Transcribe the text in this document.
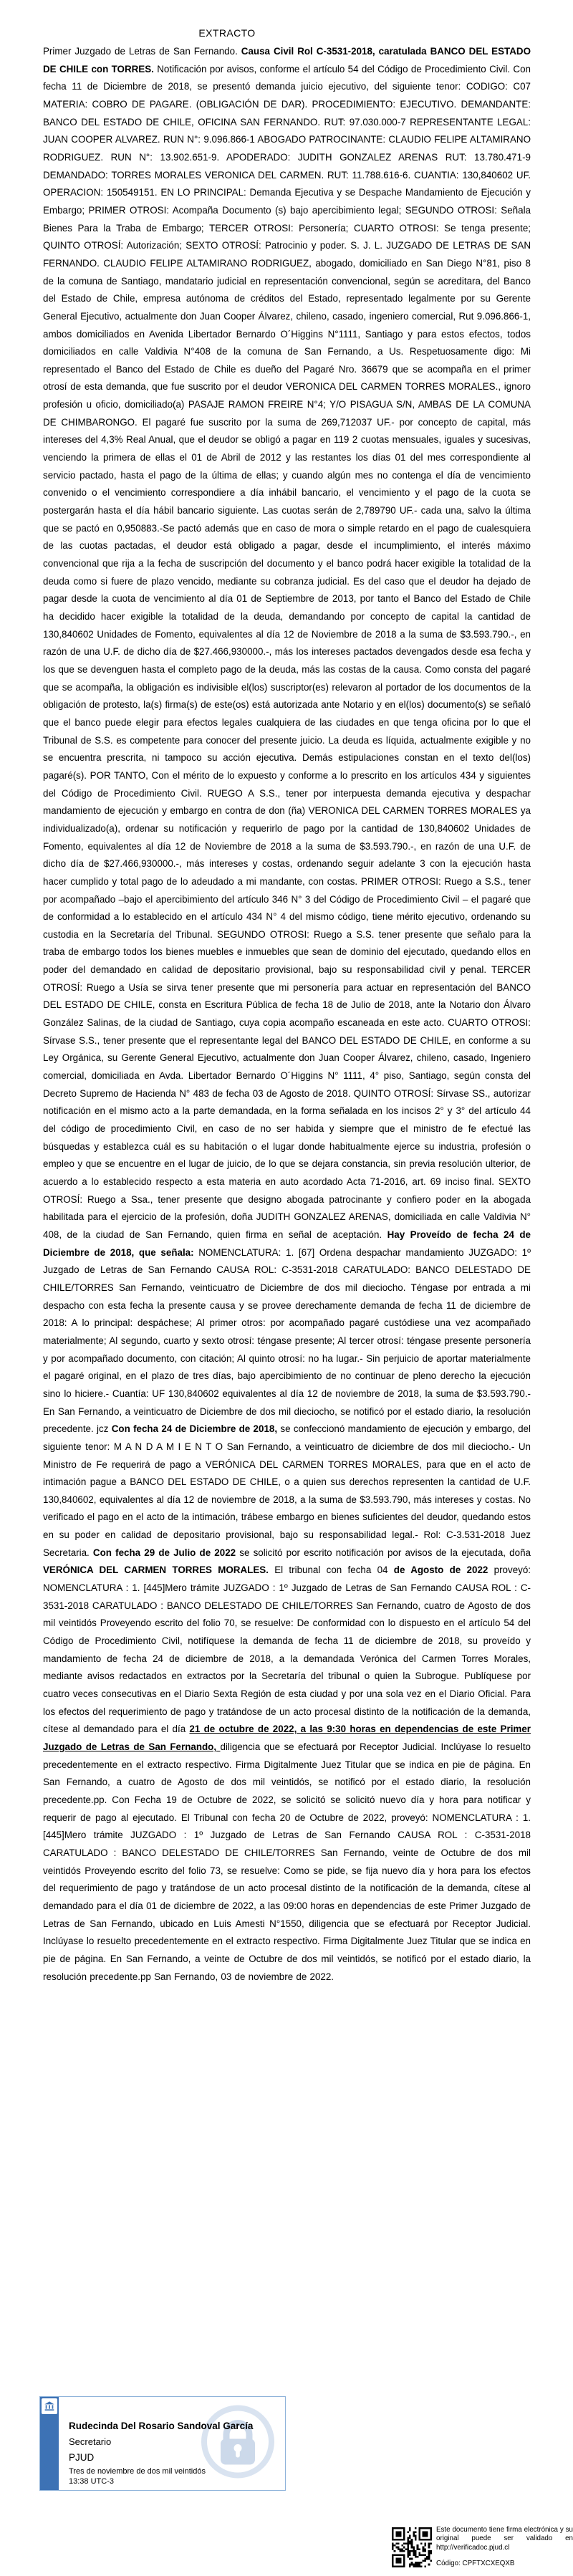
EXTRACTO
Primer Juzgado de Letras de San Fernando. Causa Civil Rol C-3531-2018, caratulada BANCO DEL ESTADO DE CHILE con TORRES. Notificación por avisos, conforme el artículo 54 del Código de Procedimiento Civil. Con fecha 11 de Diciembre de 2018, se presentó demanda juicio ejecutivo, del siguiente tenor: CODIGO: C07 MATERIA: COBRO DE PAGARE. (OBLIGACIÓN DE DAR). PROCEDIMIENTO: EJECUTIVO. DEMANDANTE: BANCO DEL ESTADO DE CHILE, OFICINA SAN FERNANDO. RUT: 97.030.000-7 REPRESENTANTE LEGAL: JUAN COOPER ALVAREZ. RUN N°: 9.096.866-1 ABOGADO PATROCINANTE: CLAUDIO FELIPE ALTAMIRANO RODRIGUEZ. RUN N°: 13.902.651-9. APODERADO: JUDITH GONZALEZ ARENAS RUT: 13.780.471-9 DEMANDADO: TORRES MORALES VERONICA DEL CARMEN. RUT: 11.788.616-6. CUANTIA: 130,840602 UF. OPERACION: 150549151. EN LO PRINCIPAL: Demanda Ejecutiva y se Despache Mandamiento de Ejecución y Embargo; PRIMER OTROSI: Acompaña Documento (s) bajo apercibimiento legal; SEGUNDO OTROSI: Señala Bienes Para la Traba de Embargo; TERCER OTROSI: Personería; CUARTO OTROSI: Se tenga presente; QUINTO OTROSÍ: Autorización; SEXTO OTROSÍ: Patrocinio y poder. S. J. L. JUZGADO DE LETRAS DE SAN FERNANDO. CLAUDIO FELIPE ALTAMIRANO RODRIGUEZ, abogado, domiciliado en San Diego N°81, piso 8 de la comuna de Santiago, mandatario judicial en representación convencional, según se acreditara, del Banco del Estado de Chile, empresa autónoma de créditos del Estado, representado legalmente por su Gerente General Ejecutivo, actualmente don Juan Cooper Álvarez, chileno, casado, ingeniero comercial, Rut 9.096.866-1, ambos domiciliados en Avenida Libertador Bernardo O´Higgins N°1111, Santiago y para estos efectos, todos domiciliados en calle Valdivia N°408 de la comuna de San Fernando, a Us. Respetuosamente digo: Mi representado el Banco del Estado de Chile es dueño del Pagaré Nro. 36679 que se acompaña en el primer otrosí de esta demanda, que fue suscrito por el deudor VERONICA DEL CARMEN TORRES MORALES., ignoro profesión u oficio, domiciliado(a) PASAJE RAMON FREIRE N°4; Y/O PISAGUA S/N, AMBAS DE LA COMUNA DE CHIMBARONGO. El pagaré fue suscrito por la suma de 269,712037 UF.- por concepto de capital, más intereses del 4,3% Real Anual, que el deudor se obligó a pagar en 119 2 cuotas mensuales, iguales y sucesivas, venciendo la primera de ellas el 01 de Abril de 2012 y las restantes los días 01 del mes correspondiente al servicio pactado, hasta el pago de la última de ellas; y cuando algún mes no contenga el día de vencimiento convenido o el vencimiento correspondiere a día inhábil bancario, el vencimiento y el pago de la cuota se postergarán hasta el día hábil bancario siguiente. Las cuotas serán de 2,789790 UF.- cada una, salvo la última que se pactó en 0,950883.-Se pactó además que en caso de mora o simple retardo en el pago de cualesquiera de las cuotas pactadas, el deudor está obligado a pagar, desde el incumplimiento, el interés máximo convencional que rija a la fecha de suscripción del documento y el banco podrá hacer exigible la totalidad de la deuda como si fuere de plazo vencido, mediante su cobranza judicial. Es del caso que el deudor ha dejado de pagar desde la cuota de vencimiento al día 01 de Septiembre de 2013, por tanto el Banco del Estado de Chile ha decidido hacer exigible la totalidad de la deuda, demandando por concepto de capital la cantidad de 130,840602 Unidades de Fomento, equivalentes al día 12 de Noviembre de 2018 a la suma de $3.593.790.-, en razón de una U.F. de dicho día de $27.466,930000.-, más los intereses pactados devengados desde esa fecha y los que se devenguen hasta el completo pago de la deuda, más las costas de la causa. Como consta del pagaré que se acompaña, la obligación es indivisible el(los) suscriptor(es) relevaron al portador de los documentos de la obligación de protesto, la(s) firma(s) de este(os) está autorizada ante Notario y en el(los) documento(s) se señaló que el banco puede elegir para efectos legales cualquiera de las ciudades en que tenga oficina por lo que el Tribunal de S.S. es competente para conocer del presente juicio. La deuda es líquida, actualmente exigible y no se encuentra prescrita, ni tampoco su acción ejecutiva. Demás estipulaciones constan en el texto del(los) pagaré(s). POR TANTO, Con el mérito de lo expuesto y conforme a lo prescrito en los artículos 434 y siguientes del Código de Procedimiento Civil. RUEGO A S.S., tener por interpuesta demanda ejecutiva y despachar mandamiento de ejecución y embargo en contra de don (ña) VERONICA DEL CARMEN TORRES MORALES ya individualizado(a), ordenar su notificación y requerirlo de pago por la cantidad de 130,840602 Unidades de Fomento, equivalentes al día 12 de Noviembre de 2018 a la suma de $3.593.790.-, en razón de una U.F. de dicho día de $27.466,930000.-, más intereses y costas, ordenando seguir adelante 3 con la ejecución hasta hacer cumplido y total pago de lo adeudado a mi mandante, con costas. PRIMER OTROSI: Ruego a S.S., tener por acompañado –bajo el apercibimiento del artículo 346 N° 3 del Código de Procedimiento Civil – el pagaré que de conformidad a lo establecido en el artículo 434 N° 4 del mismo código, tiene mérito ejecutivo, ordenando su custodia en la Secretaría del Tribunal. SEGUNDO OTROSI: Ruego a S.S. tener presente que señalo para la traba de embargo todos los bienes muebles e inmuebles que sean de dominio del ejecutado, quedando ellos en poder del demandado en calidad de depositario provisional, bajo su responsabilidad civil y penal. TERCER OTROSÍ: Ruego a Usía se sirva tener presente que mi personería para actuar en representación del BANCO DEL ESTADO DE CHILE, consta en Escritura Pública de fecha 18 de Julio de 2018, ante la Notario don Álvaro González Salinas, de la ciudad de Santiago, cuya copia acompaño escaneada en este acto. CUARTO OTROSI: Sírvase S.S., tener presente que el representante legal del BANCO DEL ESTADO DE CHILE, en conforme a su Ley Orgánica, su Gerente General Ejecutivo, actualmente don Juan Cooper Álvarez, chileno, casado, Ingeniero comercial, domiciliada en Avda. Libertador Bernardo O´Higgins N° 1111, 4° piso, Santiago, según consta del Decreto Supremo de Hacienda N° 483 de fecha 03 de Agosto de 2018. QUINTO OTROSÍ: Sírvase SS., autorizar notificación en el mismo acto a la parte demandada, en la forma señalada en los incisos 2° y 3° del artículo 44 del código de procedimiento Civil, en caso de no ser habida y siempre que el ministro de fe efectué las búsquedas y establezca cuál es su habitación o el lugar donde habitualmente ejerce su industria, profesión o empleo y que se encuentre en el lugar de juicio, de lo que se dejara constancia, sin previa resolución ulterior, de acuerdo a lo establecido respecto a esta materia en auto acordado Acta 71-2016, art. 69 inciso final. SEXTO OTROSÍ: Ruego a Ssa., tener presente que designo abogada patrocinante y confiero poder en la abogada habilitada para el ejercicio de la profesión, doña JUDITH GONZALEZ ARENAS, domiciliada en calle Valdivia N° 408, de la ciudad de San Fernando, quien firma en señal de aceptación. Hay Proveído de fecha 24 de Diciembre de 2018, que señala: NOMENCLATURA: 1. [67] Ordena despachar mandamiento JUZGADO: 1º Juzgado de Letras de San Fernando CAUSA ROL: C-3531-2018 CARATULADO: BANCO DELESTADO DE CHILE/TORRES San Fernando, veinticuatro de Diciembre de dos mil dieciocho. Téngase por entrada a mi despacho con esta fecha la presente causa y se provee derechamente demanda de fecha 11 de diciembre de 2018: A lo principal: despáchese; Al primer otros: por acompañado pagaré custódiese una vez acompañado materialmente; Al segundo, cuarto y sexto otrosí: téngase presente; Al tercer otrosí: téngase presente personería y por acompañado documento, con citación; Al quinto otrosí: no ha lugar.- Sin perjuicio de aportar materialmente el pagaré original, en el plazo de tres días, bajo apercibimiento de no continuar de pleno derecho la ejecución sino lo hiciere.- Cuantía: UF 130,840602 equivalentes al día 12 de noviembre de 2018, la suma de $3.593.790.- En San Fernando, a veinticuatro de Diciembre de dos mil dieciocho, se notificó por el estado diario, la resolución precedente. jcz Con fecha 24 de Diciembre de 2018, se confeccionó mandamiento de ejecución y embargo, del siguiente tenor: M A N D A M I E N T O San Fernando, a veinticuatro de diciembre de dos mil dieciocho.- Un Ministro de Fe requerirá de pago a VERÓNICA DEL CARMEN TORRES MORALES, para que en el acto de intimación pague a BANCO DEL ESTADO DE CHILE, o a quien sus derechos representen la cantidad de U.F. 130,840602, equivalentes al día 12 de noviembre de 2018, a la suma de $3.593.790, más intereses y costas. No verificado el pago en el acto de la intimación, trábese embargo en bienes suficientes del deudor, quedando estos en su poder en calidad de depositario provisional, bajo su responsabilidad legal.- Rol: C-3.531-2018 Juez Secretaria. Con fecha 29 de Julio de 2022 se solicitó por escrito notificación por avisos de la ejecutada, doña VERÓNICA DEL CARMEN TORRES MORALES. El tribunal con fecha 04 de Agosto de 2022 proveyó: NOMENCLATURA : 1. [445]Mero trámite JUZGADO : 1º Juzgado de Letras de San Fernando CAUSA ROL : C-3531-2018 CARATULADO : BANCO DELESTADO DE CHILE/TORRES San Fernando, cuatro de Agosto de dos mil veintidós Proveyendo escrito del folio 70, se resuelve: De conformidad con lo dispuesto en el artículo 54 del Código de Procedimiento Civil, notifíquese la demanda de fecha 11 de diciembre de 2018, su proveído y mandamiento de fecha 24 de diciembre de 2018, a la demandada Verónica del Carmen Torres Morales, mediante avisos redactados en extractos por la Secretaría del tribunal o quien la Subrogue. Publíquese por cuatro veces consecutivas en el Diario Sexta Región de esta ciudad y por una sola vez en el Diario Oficial. Para los efectos del requerimiento de pago y tratándose de un acto procesal distinto de la notificación de la demanda, cítese al demandado para el día 21 de octubre de 2022, a las 9:30 horas en dependencias de este Primer Juzgado de Letras de San Fernando, diligencia que se efectuará por Receptor Judicial. Inclúyase lo resuelto precedentemente en el extracto respectivo. Firma Digitalmente Juez Titular que se indica en pie de página. En San Fernando, a cuatro de Agosto de dos mil veintidós, se notificó por el estado diario, la resolución precedente.pp. Con Fecha 19 de Octubre de 2022, se solicitó se solicitó nuevo día y hora para notificar y requerir de pago al ejecutado. El Tribunal con fecha 20 de Octubre de 2022, proveyó: NOMENCLATURA : 1. [445]Mero trámite JUZGADO : 1º Juzgado de Letras de San Fernando CAUSA ROL : C-3531-2018 CARATULADO : BANCO DELESTADO DE CHILE/TORRES San Fernando, veinte de Octubre de dos mil veintidós Proveyendo escrito del folio 73, se resuelve: Como se pide, se fija nuevo día y hora para los efectos del requerimiento de pago y tratándose de un acto procesal distinto de la notificación de la demanda, cítese al demandado para el día 01 de diciembre de 2022, a las 09:00 horas en dependencias de este Primer Juzgado de Letras de San Fernando, ubicado en Luis Amesti N°1550, diligencia que se efectuará por Receptor Judicial. Inclúyase lo resuelto precedentemente en el extracto respectivo. Firma Digitalmente Juez Titular que se indica en pie de página. En San Fernando, a veinte de Octubre de dos mil veintidós, se notificó por el estado diario, la resolución precedente.pp San Fernando, 03 de noviembre de 2022.
Rudecinda Del Rosario Sandoval García
Secretario
PJUD
Tres de noviembre de dos mil veintidós
13:38 UTC-3
Este documento tiene firma electrónica y su original puede ser validado en http://verificadoc.pjud.cl
Código: CPFTXCXEQXB
